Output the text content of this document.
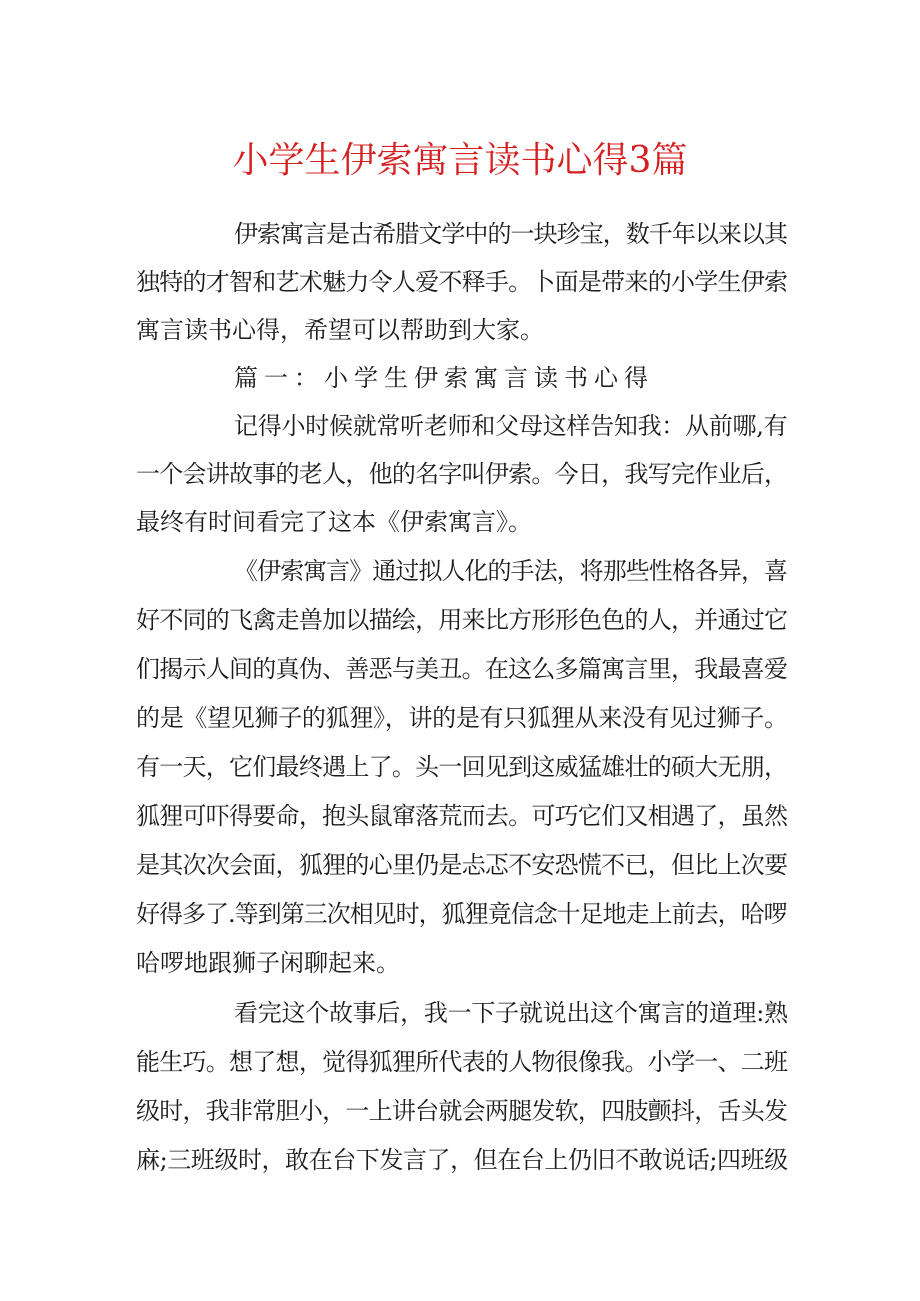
小学生伊索寓言读书心得3篇
伊索寓言是古希腊文学中的一块珍宝，数千年以来以其
独特的才智和艺术魅力令人爱不释手。卜面是带来的小学生伊索
寓言读书心得，希望可以帮助到大家。
篇一：小学生伊索寓言读书心得
记得小时候就常听老师和父母这样告知我：从前哪,有
一个会讲故事的老人，他的名字叫伊索。今日，我写完作业后，
最终有时间看完了这本《伊索寓言》。
《伊索寓言》通过拟人化的手法，将那些性格各异，喜
好不同的飞禽走兽加以描绘，用来比方形形色色的人，并通过它
们揭示人间的真伪、善恶与美丑。在这么多篇寓言里，我最喜爱
的是《望见狮子的狐狸》，讲的是有只狐狸从来没有见过狮子。
有一天，它们最终遇上了。头一回见到这威猛雄壮的硕大无朋，
狐狸可吓得要命，抱头鼠窜落荒而去。可巧它们又相遇了，虽然
是其次次会面，狐狸的心里仍是忐忑不安恐慌不已，但比上次要
好得多了.等到第三次相见时，狐狸竟信念十足地走上前去，哈啰
哈啰地跟狮子闲聊起来。
看完这个故事后，我一下子就说出这个寓言的道理:熟
能生巧。想了想，觉得狐狸所代表的人物很像我。小学一、二班
级时，我非常胆小，一上讲台就会两腿发软，四肢颤抖，舌头发
麻;三班级时，敢在台下发言了，但在台上仍旧不敢说话;四班级
